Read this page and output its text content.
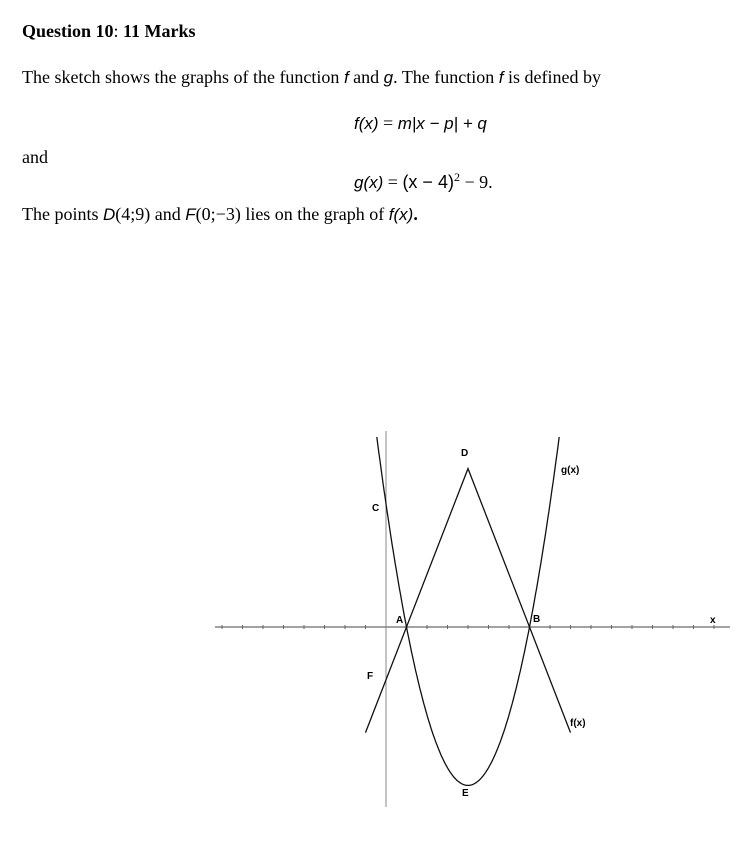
Question 10: 11 Marks
The sketch shows the graphs of the function f and g. The function f is defined by
f(x) = m|x − p| + q
and
$g(x) = (x - 4)^2 - 9$.
The points D(4;9) and F(0;−3) lies on the graph of f(x).
x
f(x)
g(x)
A	B
C
D
E
F
